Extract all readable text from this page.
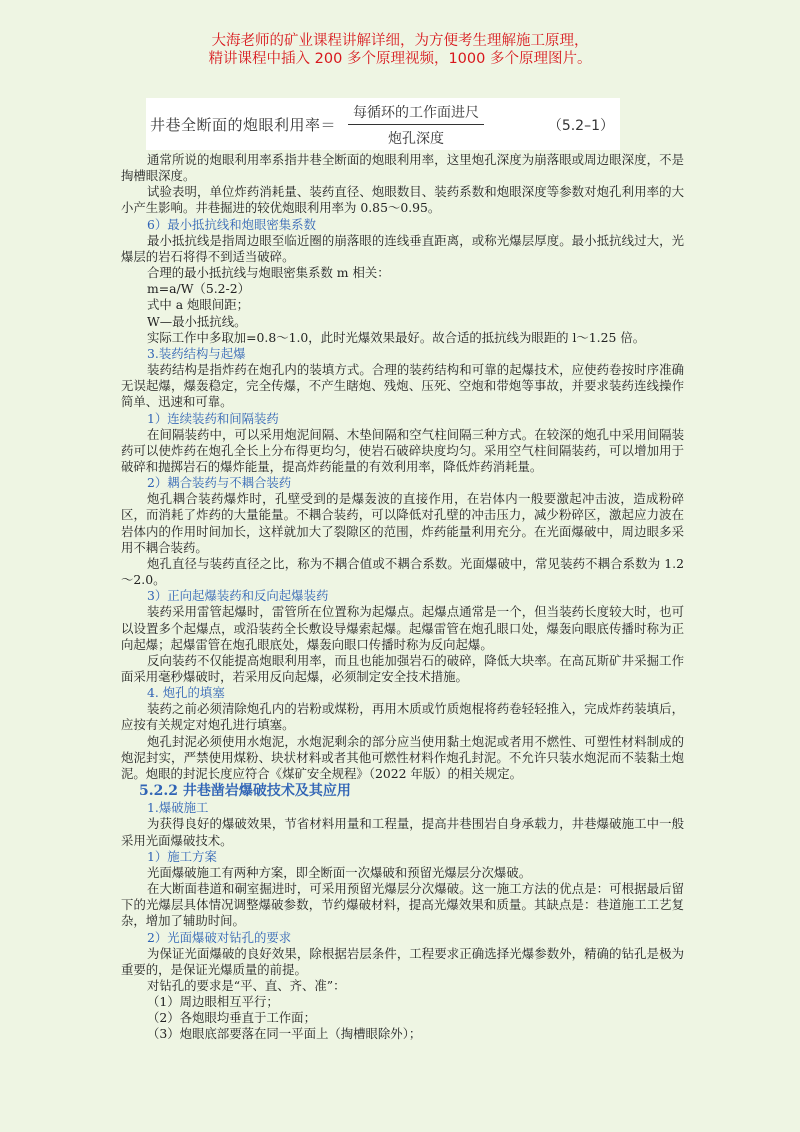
大海老师的矿业课程讲解详细，为方便考生理解施工原理，
精讲课程中插入 200 多个原理视频，1000 多个原理图片。
井巷全断面的炮眼利用率＝
每循环的工作面进尺
炮孔深度
（5.2–1）

通常所说的炮眼利用率系指井巷全断面的炮眼利用率，这里炮孔深度为崩落眼或周边眼深度，不是掏槽眼深度。

试验表明，单位炸药消耗量、装药直径、炮眼数目、装药系数和炮眼深度等参数对炮孔利用率的大小产生影响。井巷掘进的较优炮眼利用率为 0.85～0.95。

6）最小抵抗线和炮眼密集系数

最小抵抗线是指周边眼至临近圈的崩落眼的连线垂直距离，或称光爆层厚度。最小抵抗线过大，光爆层的岩石将得不到适当破碎。

合理的最小抵抗线与炮眼密集系数 m 相关：

m=a/W（5.2-2）

式中 a 炮眼间距；

W—最小抵抗线。

实际工作中多取加=0.8～1.0，此时光爆效果最好。故合适的抵抗线为眼距的 l～1.25 倍。

3.装药结构与起爆

装药结构是指炸药在炮孔内的装填方式。合理的装药结构和可靠的起爆技术，应使药卷按时序准确无误起爆，爆轰稳定，完全传爆，不产生瞎炮、残炮、压死、空炮和带炮等事故，并要求装药连线操作简单、迅速和可靠。

1）连续装药和间隔装药

在间隔装药中，可以采用炮泥间隔、木垫间隔和空气柱间隔三种方式。在较深的炮孔中采用间隔装药可以使炸药在炮孔全长上分布得更均匀，使岩石破碎块度均匀。采用空气柱间隔装药，可以增加用于破碎和抛掷岩石的爆炸能量，提高炸药能量的有效利用率，降低炸药消耗量。

2）耦合装药与不耦合装药

炮孔耦合装药爆炸时，孔壁受到的是爆轰波的直接作用，在岩体内一般要激起冲击波，造成粉碎区，而消耗了炸药的大量能量。不耦合装药，可以降低对孔壁的冲击压力，减少粉碎区，激起应力波在岩体内的作用时间加长，这样就加大了裂隙区的范围，炸药能量利用充分。在光面爆破中，周边眼多采用不耦合装药。

炮孔直径与装药直径之比，称为不耦合值或不耦合系数。光面爆破中，常见装药不耦合系数为 1.2～2.0。

3）正向起爆装药和反向起爆装药

装药采用雷管起爆时，雷管所在位置称为起爆点。起爆点通常是一个，但当装药长度较大时，也可以设置多个起爆点，或沿装药全长敷设导爆索起爆。起爆雷管在炮孔眼口处，爆轰向眼底传播时称为正向起爆；起爆雷管在炮孔眼底处，爆轰向眼口传播时称为反向起爆。

反向装药不仅能提高炮眼利用率，而且也能加强岩石的破碎，降低大块率。在高瓦斯矿井采掘工作面采用毫秒爆破时，若采用反向起爆，必须制定安全技术措施。

4. 炮孔的填塞

装药之前必须清除炮孔内的岩粉或煤粉，再用木质或竹质炮棍将药卷轻轻推入，完成炸药装填后，应按有关规定对炮孔进行填塞。

炮孔封泥必须使用水炮泥，水炮泥剩余的部分应当使用黏土炮泥或者用不燃性、可塑性材料制成的炮泥封实，严禁使用煤粉、块状材料或者其他可燃性材料作炮孔封泥。不允许只装水炮泥而不装黏土炮泥。炮眼的封泥长度应符合《煤矿安全规程》（2022 年版）的相关规定。

5.2.2 井巷凿岩爆破技术及其应用

1.爆破施工

为获得良好的爆破效果，节省材料用量和工程量，提高井巷围岩自身承载力，井巷爆破施工中一般采用光面爆破技术。

1）施工方案

光面爆破施工有两种方案，即全断面一次爆破和预留光爆层分次爆破。

在大断面巷道和硐室掘进时，可采用预留光爆层分次爆破。这一施工方法的优点是：可根据最后留下的光爆层具体情况调整爆破参数，节约爆破材料，提高光爆效果和质量。其缺点是：巷道施工工艺复杂，增加了辅助时间。

2）光面爆破对钻孔的要求

为保证光面爆破的良好效果，除根据岩层条件，工程要求正确选择光爆参数外，精确的钻孔是极为重要的，是保证光爆质量的前提。

对钻孔的要求是“平、直、齐、准”：

（1）周边眼相互平行；

（2）各炮眼均垂直于工作面；

（3）炮眼底部要落在同一平面上（掏槽眼除外）；
